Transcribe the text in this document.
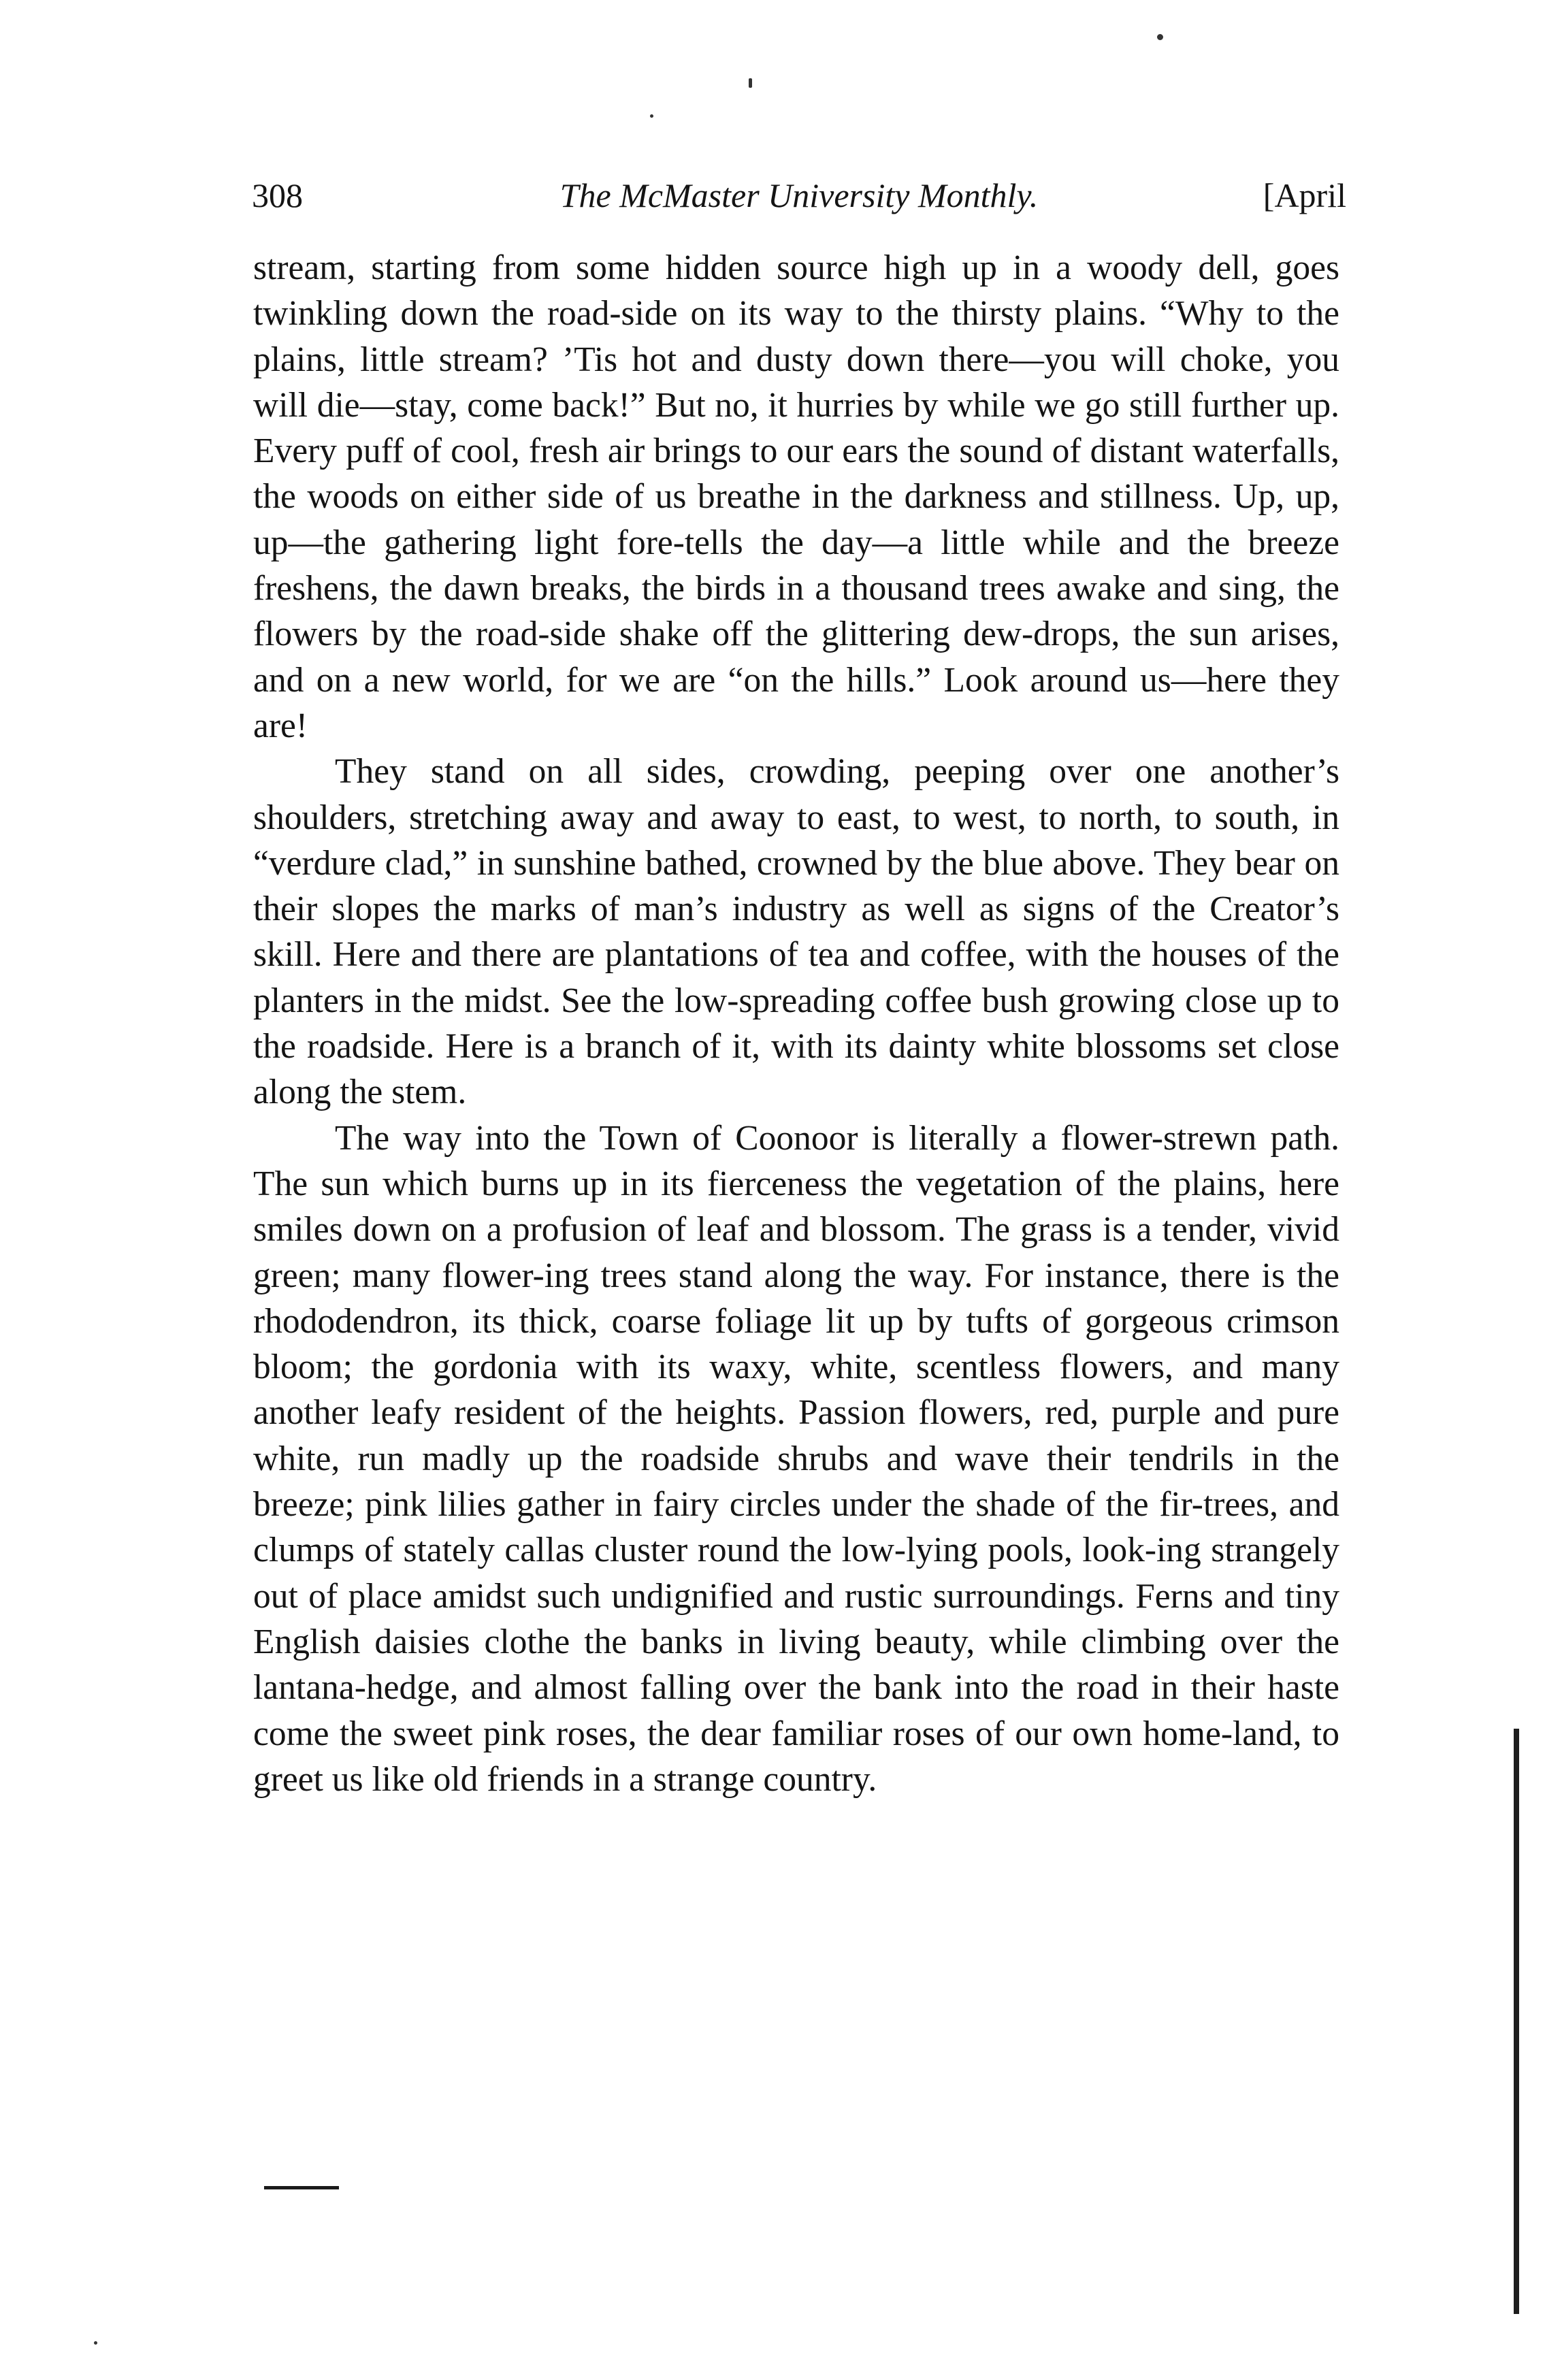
308	The McMaster University Monthly.	[April

stream, starting from some hidden source high up in a woody dell, goes twinkling down the road-side on its way to the thirsty plains. “Why to the plains, little stream? ’Tis hot and dusty down there—you will choke, you will die—stay, come back!” But no, it hurries by while we go still further up. Every puff of cool, fresh air brings to our ears the sound of distant waterfalls, the woods on either side of us breathe in the darkness and stillness. Up, up, up—the gathering light fore-tells the day—a little while and the breeze freshens, the dawn breaks, the birds in a thousand trees awake and sing, the flowers by the road-side shake off the glittering dew-drops, the sun arises, and on a new world, for we are “on the hills.” Look around us—here they are!

They stand on all sides, crowding, peeping over one another’s shoulders, stretching away and away to east, to west, to north, to south, in “verdure clad,” in sunshine bathed, crowned by the blue above. They bear on their slopes the marks of man’s industry as well as signs of the Creator’s skill. Here and there are plantations of tea and coffee, with the houses of the planters in the midst. See the low-spreading coffee bush growing close up to the roadside. Here is a branch of it, with its dainty white blossoms set close along the stem.

The way into the Town of Coonoor is literally a flower-strewn path. The sun which burns up in its fierceness the vegetation of the plains, here smiles down on a profusion of leaf and blossom. The grass is a tender, vivid green; many flower-ing trees stand along the way. For instance, there is the rhododendron, its thick, coarse foliage lit up by tufts of gorgeous crimson bloom; the gordonia with its waxy, white, scentless flowers, and many another leafy resident of the heights. Passion flowers, red, purple and pure white, run madly up the roadside shrubs and wave their tendrils in the breeze; pink lilies gather in fairy circles under the shade of the fir-trees, and clumps of stately callas cluster round the low-lying pools, look-ing strangely out of place amidst such undignified and rustic surroundings. Ferns and tiny English daisies clothe the banks in living beauty, while climbing over the lantana-hedge, and almost falling over the bank into the road in their haste come the sweet pink roses, the dear familiar roses of our own home-land, to greet us like old friends in a strange country.
